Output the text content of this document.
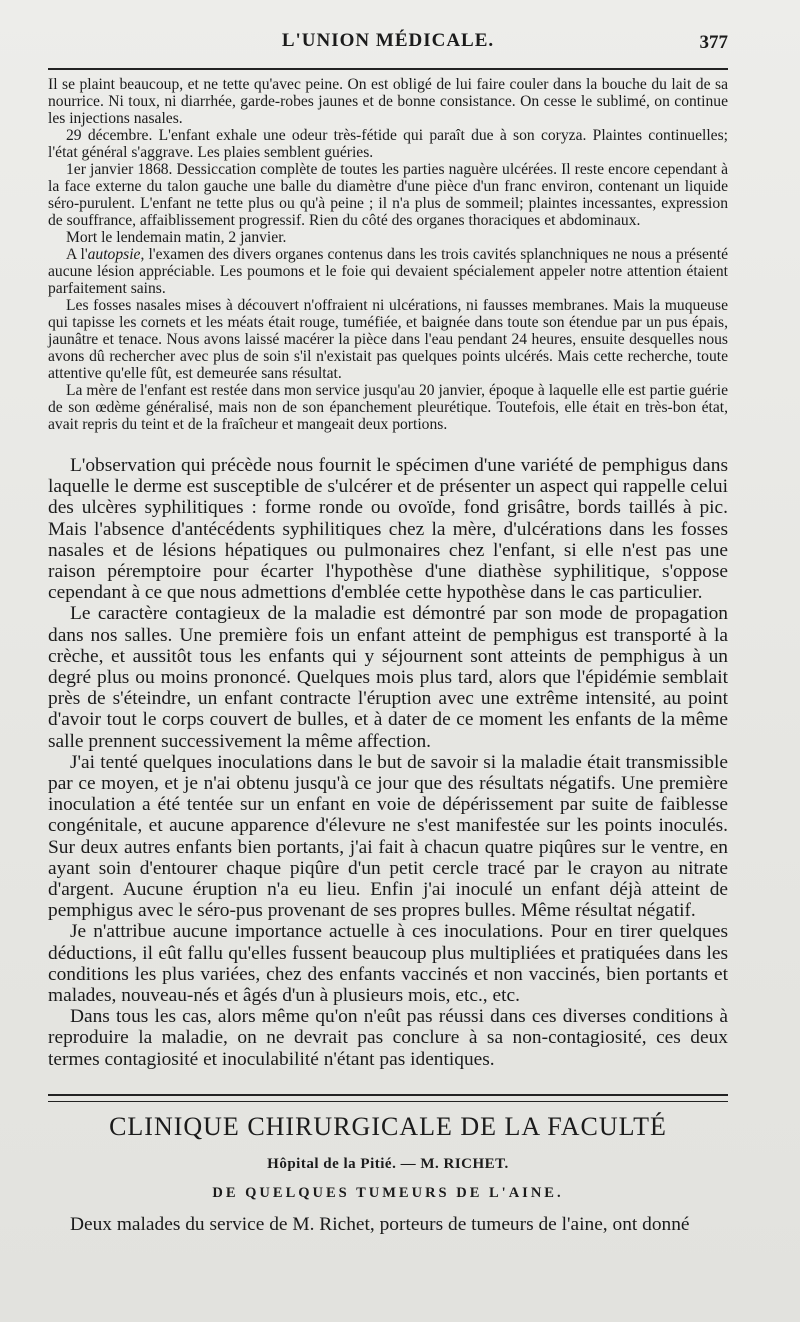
L'UNION MÉDICALE.	377

Il se plaint beaucoup, et ne tette qu'avec peine. On est obligé de lui faire couler dans la bouche du lait de sa nourrice. Ni toux, ni diarrhée, garde-robes jaunes et de bonne consistance. On cesse le sublimé, on continue les injections nasales.

29 décembre. L'enfant exhale une odeur très-fétide qui paraît due à son coryza. Plaintes continuelles; l'état général s'aggrave. Les plaies semblent guéries.

1er janvier 1868. Dessiccation complète de toutes les parties naguère ulcérées. Il reste encore cependant à la face externe du talon gauche une balle du diamètre d'une pièce d'un franc environ, contenant un liquide séro-purulent. L'enfant ne tette plus ou qu'à peine ; il n'a plus de sommeil; plaintes incessantes, expression de souffrance, affaiblissement progressif. Rien du côté des organes thoraciques et abdominaux.

Mort le lendemain matin, 2 janvier.

A l'autopsie, l'examen des divers organes contenus dans les trois cavités splanchniques ne nous a présenté aucune lésion appréciable. Les poumons et le foie qui devaient spécialement appeler notre attention étaient parfaitement sains.

Les fosses nasales mises à découvert n'offraient ni ulcérations, ni fausses membranes. Mais la muqueuse qui tapisse les cornets et les méats était rouge, tuméfiée, et baignée dans toute son étendue par un pus épais, jaunâtre et tenace. Nous avons laissé macérer la pièce dans l'eau pendant 24 heures, ensuite desquelles nous avons dû rechercher avec plus de soin s'il n'existait pas quelques points ulcérés. Mais cette recherche, toute attentive qu'elle fût, est demeurée sans résultat.

La mère de l'enfant est restée dans mon service jusqu'au 20 janvier, époque à laquelle elle est partie guérie de son œdème généralisé, mais non de son épanchement pleurétique. Toutefois, elle était en très-bon état, avait repris du teint et de la fraîcheur et mangeait deux portions.

L'observation qui précède nous fournit le spécimen d'une variété de pemphigus dans laquelle le derme est susceptible de s'ulcérer et de présenter un aspect qui rappelle celui des ulcères syphilitiques : forme ronde ou ovoïde, fond grisâtre, bords taillés à pic. Mais l'absence d'antécédents syphilitiques chez la mère, d'ulcérations dans les fosses nasales et de lésions hépatiques ou pulmonaires chez l'enfant, si elle n'est pas une raison péremptoire pour écarter l'hypothèse d'une diathèse syphilitique, s'oppose cependant à ce que nous admettions d'emblée cette hypothèse dans le cas particulier.

Le caractère contagieux de la maladie est démontré par son mode de propagation dans nos salles. Une première fois un enfant atteint de pemphigus est transporté à la crèche, et aussitôt tous les enfants qui y séjournent sont atteints de pemphigus à un degré plus ou moins prononcé. Quelques mois plus tard, alors que l'épidémie semblait près de s'éteindre, un enfant contracte l'éruption avec une extrême intensité, au point d'avoir tout le corps couvert de bulles, et à dater de ce moment les enfants de la même salle prennent successivement la même affection.

J'ai tenté quelques inoculations dans le but de savoir si la maladie était transmissible par ce moyen, et je n'ai obtenu jusqu'à ce jour que des résultats négatifs. Une première inoculation a été tentée sur un enfant en voie de dépérissement par suite de faiblesse congénitale, et aucune apparence d'élevure ne s'est manifestée sur les points inoculés. Sur deux autres enfants bien portants, j'ai fait à chacun quatre piqûres sur le ventre, en ayant soin d'entourer chaque piqûre d'un petit cercle tracé par le crayon au nitrate d'argent. Aucune éruption n'a eu lieu. Enfin j'ai inoculé un enfant déjà atteint de pemphigus avec le séro-pus provenant de ses propres bulles. Même résultat négatif.

Je n'attribue aucune importance actuelle à ces inoculations. Pour en tirer quelques déductions, il eût fallu qu'elles fussent beaucoup plus multipliées et pratiquées dans les conditions les plus variées, chez des enfants vaccinés et non vaccinés, bien portants et malades, nouveau-nés et âgés d'un à plusieurs mois, etc., etc.

Dans tous les cas, alors même qu'on n'eût pas réussi dans ces diverses conditions à reproduire la maladie, on ne devrait pas conclure à sa non-contagiosité, ces deux termes contagiosité et inoculabilité n'étant pas identiques.

CLINIQUE CHIRURGICALE DE LA FACULTÉ
Hôpital de la Pitié. — M. RICHET.
DE QUELQUES TUMEURS DE L'AINE.
Deux malades du service de M. Richet, porteurs de tumeurs de l'aine, ont donné
